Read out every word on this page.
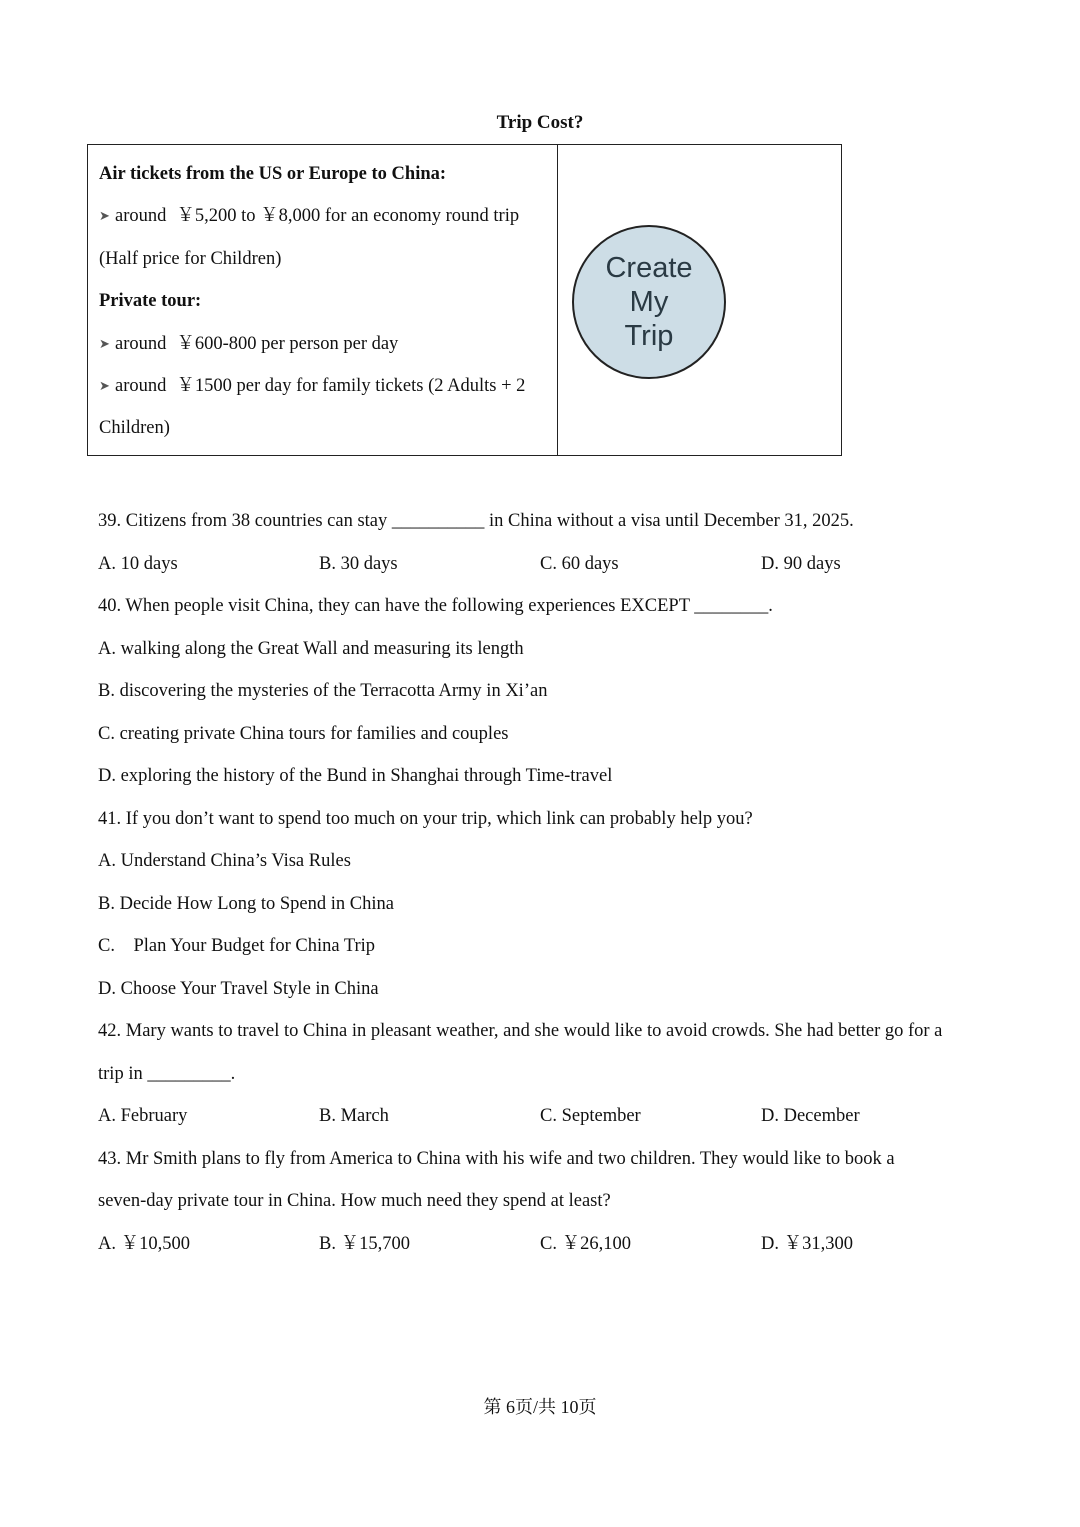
Trip Cost?
Air tickets from the US or Europe to China:
➤ around ￥5,200 to ￥8,000 for an economy round trip
(Half price for Children)
Private tour:
➤ around ￥600-800 per person per day
➤ around ￥1500 per day for family tickets (2 Adults + 2
Children)
Create
My
Trip
39. Citizens from 38 countries can stay __________ in China without a visa until December 31, 2025.
A. 10 days	B. 30 days	C. 60 days	D. 90 days
40. When people visit China, they can have the following experiences EXCEPT ________.
A. walking along the Great Wall and measuring its length
B. discovering the mysteries of the Terracotta Army in Xi’an
C. creating private China tours for families and couples
D. exploring the history of the Bund in Shanghai through Time-travel
41. If you don’t want to spend too much on your trip, which link can probably help you?
A. Understand China’s Visa Rules
B. Decide How Long to Spend in China
C.    Plan Your Budget for China Trip
D. Choose Your Travel Style in China
42. Mary wants to travel to China in pleasant weather, and she would like to avoid crowds. She had better go for a
trip in _________.
A. February	B. March	C. September	D. December
43. Mr Smith plans to fly from America to China with his wife and two children. They would like to book a
seven-day private tour in China. How much need they spend at least?
A. ￥10,500	B. ￥15,700	C. ￥26,100	D. ￥31,300
第 6页/共 10页
